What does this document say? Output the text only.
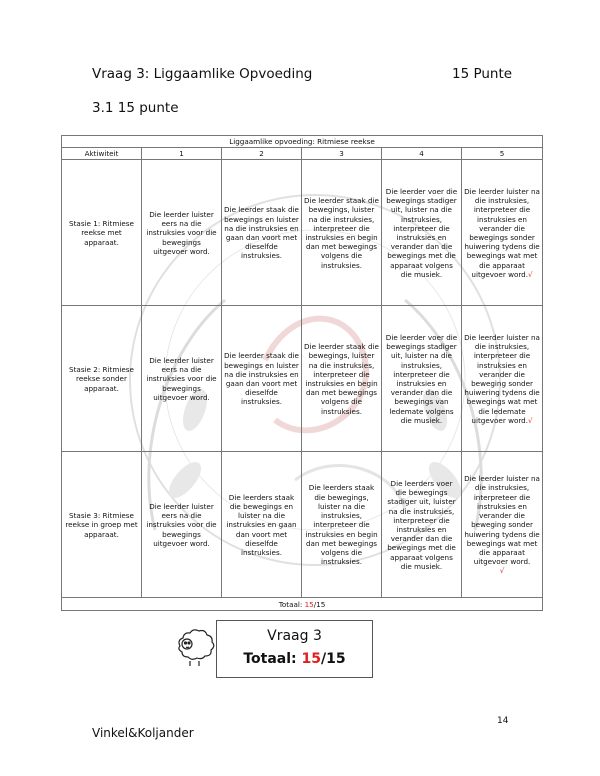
Vraag 3: Liggaamlike Opvoeding	15 Punte
3.1 15 punte
Liggaamlike opvoeding: Ritmiese reekse					
Aktiwiteit	1	2	3	4	5
Stasie 1: Ritmiese reekse met apparaat.	Die leerder luister eers na die instruksies voor die bewegings uitgevoer word.	Die leerder staak die bewegings en luister na die instruksies en gaan dan voort met dieselfde instruksies.	Die leerder staak die bewegings, luister na die instruksies, interpreteer die instruksies en begin dan met bewegings volgens die instruksies.	Die leerder voer die bewegings stadiger uit, luister na die instruksies, interpreteer die instruksies en verander dan die bewegings met die apparaat volgens die musiek.	Die leerder luister na die instruksies, interpreteer die instruksies en verander die bewegings sonder huiwering tydens die bewegings wat met die apparaat uitgevoer word.√
Stasie 2: Ritmiese reekse sonder apparaat.	Die leerder luister eers na die instruksies voor die bewegings uitgevoer word.	Die leerder staak die bewegings en luister na die instruksies en gaan dan voort met dieselfde instruksies.	Die leerder staak die bewegings, luister na die instruksies, interpreteer die instruksies en begin dan met bewegings volgens die instruksies.	Die leerder voer die bewegings stadiger uit, luister na die instruksies, interpreteer die instruksies en verander dan die bewegings van ledemate volgens die musiek.	Die leerder luister na die instruksies, interpreteer die instruksies en verander die beweging sonder huiwering tydens die bewegings wat met die ledemate uitgevoer word.√
Stasie 3: Ritmiese reekse in groep met apparaat.	Die leerder luister eers na die instruksies voor die bewegings uitgevoer word.	Die leerders staak die bewegings en luister na die instruksies en gaan dan voort met dieselfde instruksies.	Die leerders staak die bewegings, luister na die instruksies, interpreteer die instruksies en begin dan met bewegings volgens die instruksies.	Die leerders voer die bewegings stadiger uit, luister na die instruksies, interpreteer die instruksies en verander dan die bewegings met die apparaat volgens die musiek.	Die leerder luister na die instruksies, interpreteer die instruksies en verander die beweging sonder huiwering tydens die bewegings wat met die apparaat uitgevoer word.
√
Totaal: 15/15					
Vraag 3
Totaal: 15/15
Vinkel&Koljander
14
